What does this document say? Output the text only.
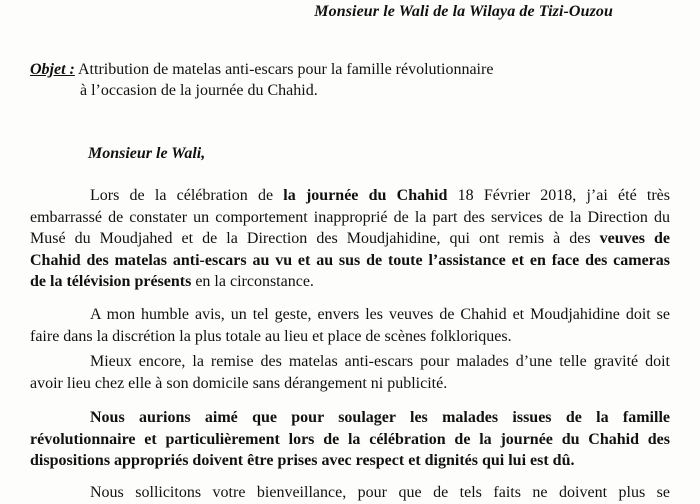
Monsieur le Wali de la Wilaya de Tizi-Ouzou
Objet : Attribution de matelas anti-escars pour la famille révolutionnaire
à l’occasion de la journée du Chahid.
Monsieur le Wali,
Lors de la célébration de la journée du Chahid 18 Février 2018, j’ai été très
embarrassé de constater un comportement inapproprié de la part des services de la Direction du
Musé du Moudjahed et de la Direction des Moudjahidine, qui ont remis à des veuves de
Chahid des matelas anti-escars au vu et au sus de toute l’assistance et en face des cameras
de la télévision présents en la circonstance.
A mon humble avis, un tel geste, envers les veuves de Chahid et Moudjahidine doit se
faire dans la discrétion la plus totale au lieu et place de scènes folkloriques.
Mieux encore, la remise des matelas anti-escars pour malades d’une telle gravité doit
avoir lieu chez elle à son domicile sans dérangement ni publicité.
Nous aurions aimé que pour soulager les malades issues de la famille
révolutionnaire et particulièrement lors de la célébration de la journée du Chahid des
dispositions appropriés doivent être prises avec respect et dignités qui lui est dû.
Nous sollicitons votre bienveillance, pour que de tels faits ne doivent plus se
